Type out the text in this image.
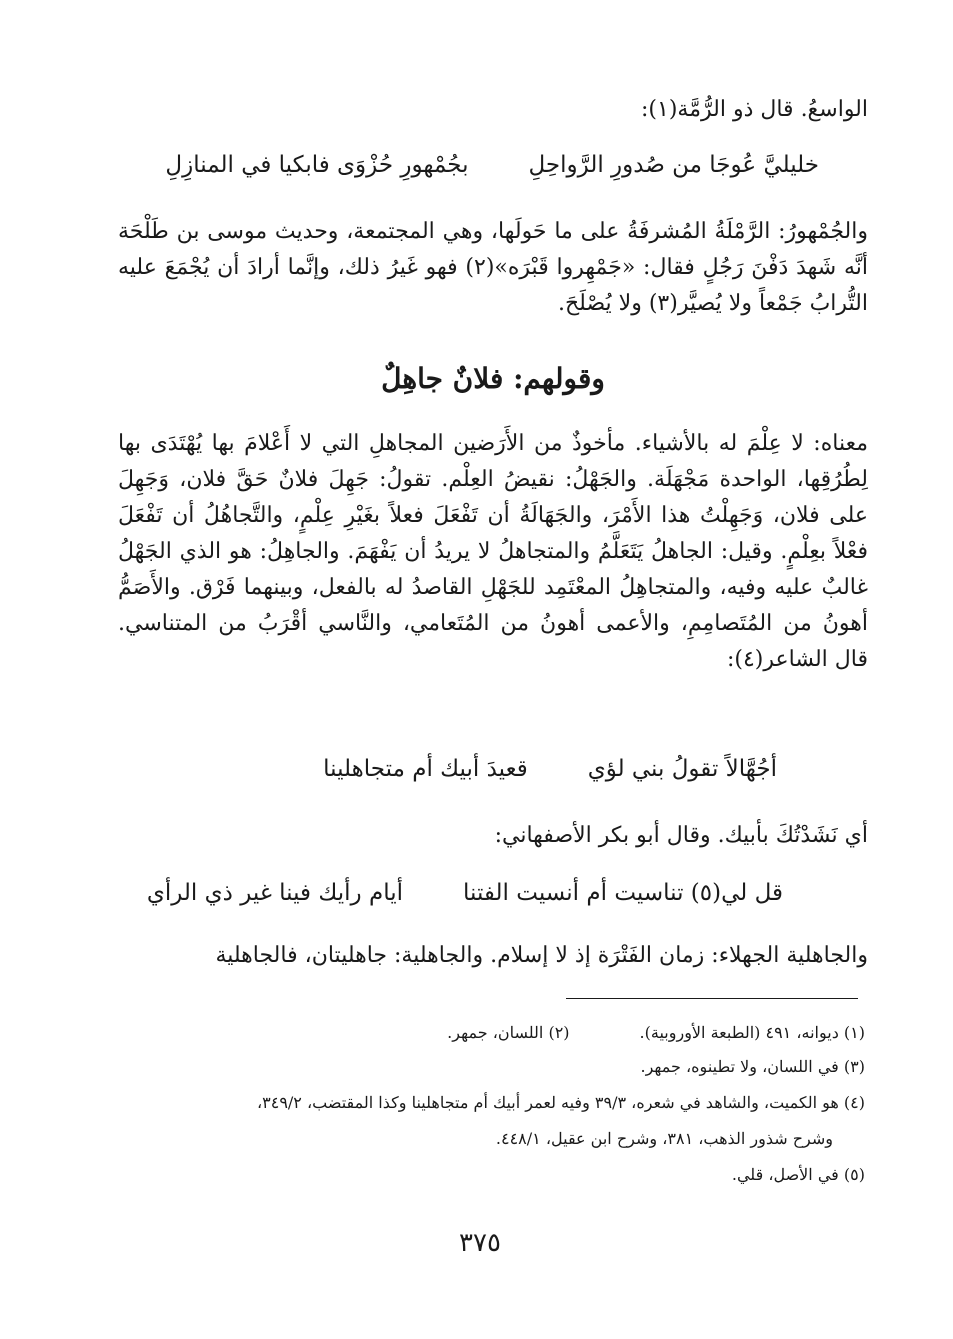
الواسعُ. قال ذو الرُّمَّة(١):

خليليَّ عُوجَا من صُدورِ الرَّواحِلِ
بجُمْهورِ حُزْوَى فابكيا في المنازِلِ

والجُمْهورُ: الرَّمْلَةُ المُشرفَةُ على ما حَولَها، وهي المجتمعة، وحديث موسى بن طَلْحَة أنَّه شَهدَ دَفْنَ رَجُلٍ فقال: «جَمْهِروا قَبْرَه»(٢) فهو غَيرُ ذلك، وإنَّما أرادَ أن يُجْمَعَ عليه التُّرابُ جَمْعاً ولا يُصيَّر(٣) ولا يُصْلَحَ.

وقولهم: فلانٌ جاهِلٌ

معناه: لا عِلْمَ له بالأشياء. مأخوذٌ من الأَرَضين المجاهلِ التي لا أَعْلامَ بها يُهْتَدَى بها لِطُرُقِها، الواحدة مَجْهَلَة. والجَهْلُ: نقيضُ العِلْم. تقولُ: جَهِلَ فلانٌ حَقَّ فلان، وَجَهِلَ على فلان، وَجَهِلْتُ هذا الأَمْرَ، والجَهَالَةُ أن تَفْعَلَ فعلاً بغَيْرِ عِلْمٍ، والتَّجاهُلُ أن تَفْعَلَ فعْلاً بعِلْمٍ. وقيل: الجاهلُ يَتَعَلَّمُ والمتجاهلُ لا يريدُ أن يَفْهَمَ. والجاهِلُ: هو الذي الجَهْلُ غالبٌ عليه وفيه، والمتجاهِلُ المعْتَمِد للجَهْلِ القاصدُ له بالفعل، وبينهما فَرْق. والأَصَمُّ أهونُ من المُتَصامِمِ، والأعمى أهونُ من المُتَعامي، والنَّاسي أقْرَبُ من المتناسي. قال الشاعر(٤):

أجُهَّالاً تقولُ بني لؤي
قعيدَ أبيك أم متجاهلينا

أي نَشَدْتُكَ بأبيك. وقال أبو بكر الأصفهاني:

قل لي(٥) تناسيت أم أنسيت الفتنا
أيام رأيك فينا غير ذي الرأي

والجاهلية الجهلاء: زمان الفَتْرَة إذ لا إسلام. والجاهلية: جاهليتان، فالجاهلية

(١) ديوانه، ٤٩١ (الطبعة الأوروبية).
(٢) اللسان، جمهر.

(٣) في اللسان، ولا تطينوه، جمهر.

(٤) هو الكميت، والشاهد في شعره، ٣٩/٣ وفيه لعمر أبيك أم متجاهلينا وكذا المقتضب، ٣٤٩/٢،

وشرح شذور الذهب، ٣٨١، وشرح ابن عقيل، ٤٤٨/١.

(٥) في الأصل، قلي.

٣٧٥
